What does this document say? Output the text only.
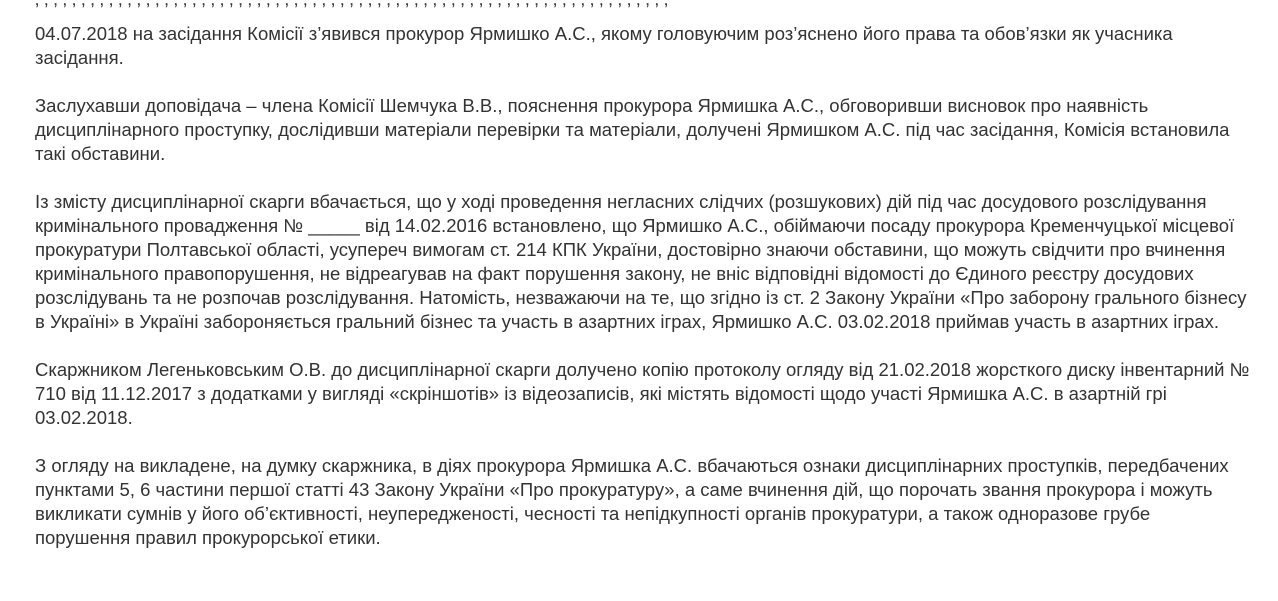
04.07.2018 на засідання Комісії з’явився прокурор Ярмишко А.С., якому головуючим роз’яснено його права та обов’язки як учасника засідання.

Заслухавши доповідача – члена Комісії Шемчука В.В., пояснення прокурора Ярмишка А.С., обговоривши висновок про наявність дисциплінарного проступку, дослідивши матеріали перевірки та матеріали, долучені Ярмишком А.С. під час засідання, Комісія встановила такі обставини.

Із змісту дисциплінарної скарги вбачається, що у ході проведення негласних слідчих (розшукових) дій під час досудового розслідування кримінального провадження № _____ від 14.02.2016 встановлено, що Ярмишко А.С., обіймаючи посаду прокурора Кременчуцької місцевої прокуратури Полтавської області, усупереч вимогам ст. 214 КПК України, достовірно знаючи обставини, що можуть свідчити про вчинення кримінального правопорушення, не відреагував на факт порушення закону, не вніс відповідні відомості до Єдиного реєстру досудових розслідувань та не розпочав розслідування. Натомість, незважаючи на те, що згідно із ст. 2 Закону України «Про заборону грального бізнесу в Україні» в Україні забороняється гральний бізнес та участь в азартних іграх, Ярмишко А.С. 03.02.2018 приймав участь в азартних іграх.

Скаржником Легеньковським О.В. до дисциплінарної скарги долучено копію протоколу огляду від 21.02.2018 жорсткого диску інвентарний № 710 від 11.12.2017 з додатками у вигляді «скріншотів» із відеозаписів, які містять відомості щодо участі Ярмишка А.С. в азартній грі 03.02.2018.

З огляду на викладене, на думку скаржника, в діях прокурора Ярмишка А.С. вбачаються ознаки дисциплінарних проступків, передбачених пунктами 5, 6 частини першої статті 43 Закону України «Про прокуратуру», а саме вчинення дій, що порочать звання прокурора і можуть викликати сумнів у його об’єктивності, неупередженості, чесності та непідкупності органів прокуратури, а також одноразове грубе порушення правил прокурорської етики.
